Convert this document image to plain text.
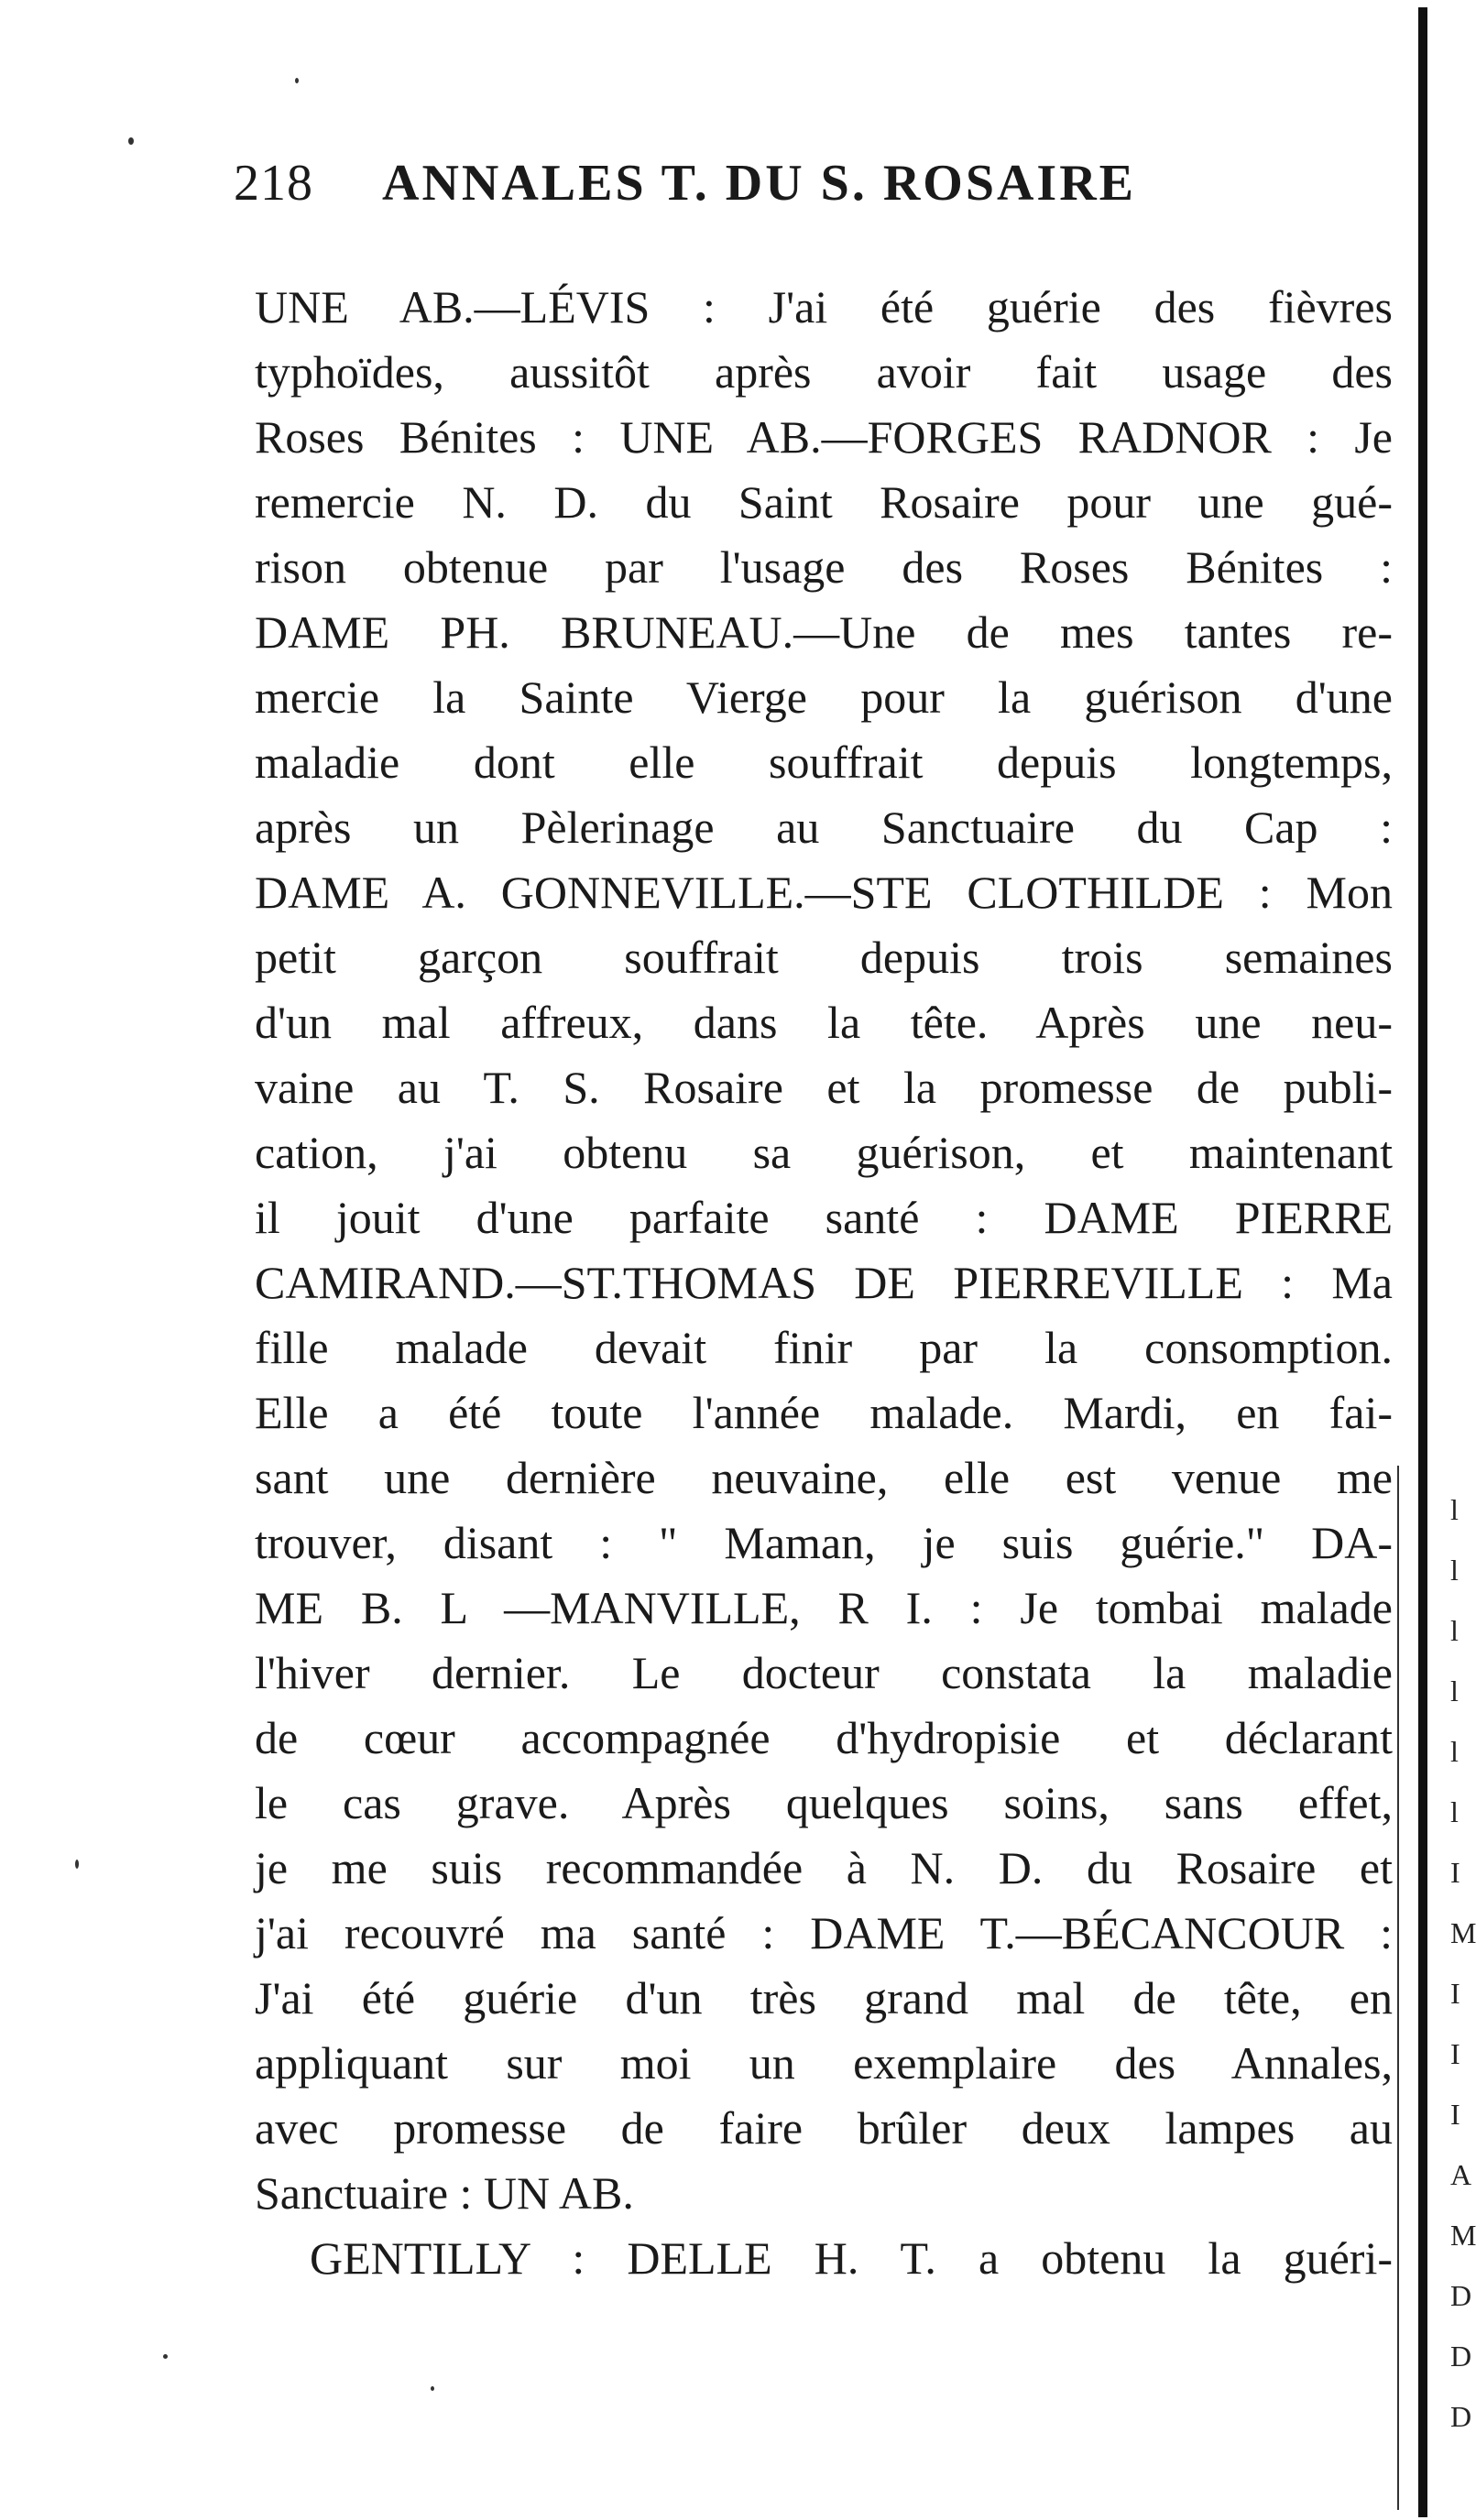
218 ANNALES T. DU S. ROSAIRE
UNE AB.—LÉVIS : J'ai été guérie des fièvres
typhoïdes, aussitôt après avoir fait usage des
Roses Bénites : UNE AB.—FORGES RADNOR : Je
remercie N. D. du Saint Rosaire pour une gué-
rison obtenue par l'usage des Roses Bénites :
DAME PH. BRUNEAU.—Une de mes tantes re-
mercie la Sainte Vierge pour la guérison d'une
maladie dont elle souffrait depuis longtemps,
après un Pèlerinage au Sanctuaire du Cap :
DAME A. GONNEVILLE.—STE CLOTHILDE : Mon
petit garçon souffrait depuis trois semaines
d'un mal affreux, dans la tête. Après une neu-
vaine au T. S. Rosaire et la promesse de publi-
cation, j'ai obtenu sa guérison, et maintenant
il jouit d'une parfaite santé : DAME PIERRE
CAMIRAND.—ST.THOMAS DE PIERREVILLE : Ma
fille malade devait finir par la consomption.
Elle a été toute l'année malade. Mardi, en fai-
sant une dernière neuvaine, elle est venue me
trouver, disant : " Maman, je suis guérie." DA-
ME B. L —MANVILLE, R I. : Je tombai malade
l'hiver dernier. Le docteur constata la maladie
de cœur accompagnée d'hydropisie et déclarant
le cas grave. Après quelques soins, sans effet,
je me suis recommandée à N. D. du Rosaire et
j'ai recouvré ma santé : DAME T.—BÉCANCOUR :
J'ai été guérie d'un très grand mal de tête, en
appliquant sur moi un exemplaire des Annales,
avec promesse de faire brûler deux lampes au
Sanctuaire : UN AB.
GENTILLY : DELLE H. T. a obtenu la guéri-
l
l
l
l
l
l
I
M
I
I
I
A
M
D
D
D
